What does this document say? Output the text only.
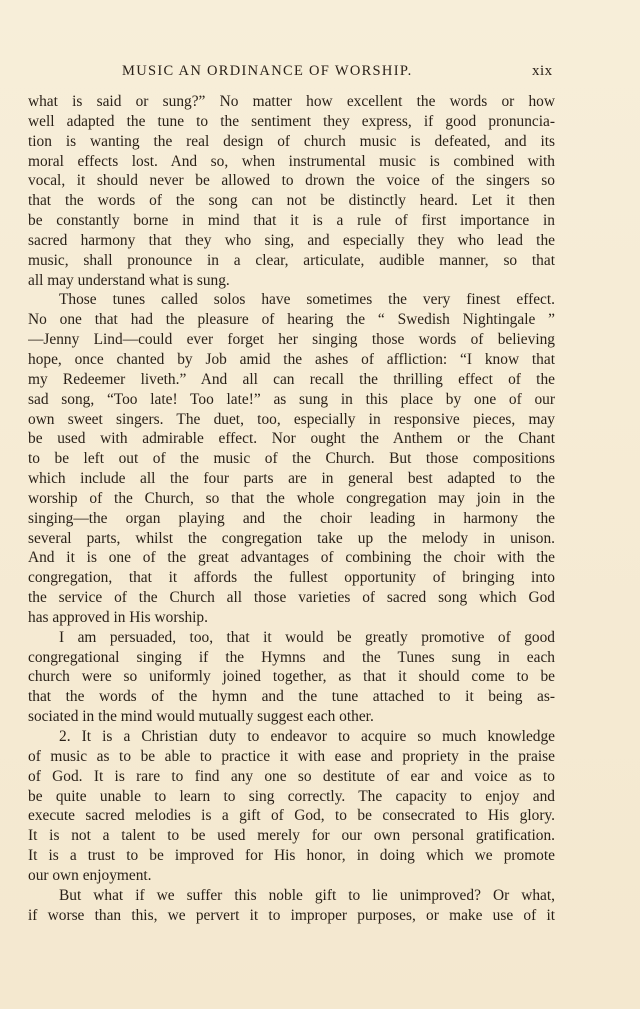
MUSIC AN ORDINANCE OF WORSHIP.	xix
what is said or sung?” No matter how excellent the words or how
well adapted the tune to the sentiment they express, if good pronuncia-
tion is wanting the real design of church music is defeated, and its
moral effects lost. And so, when instrumental music is combined with
vocal, it should never be allowed to drown the voice of the singers so
that the words of the song can not be distinctly heard. Let it then
be constantly borne in mind that it is a rule of first importance in
sacred harmony that they who sing, and especially they who lead the
music, shall pronounce in a clear, articulate, audible manner, so that
all may understand what is sung.
Those tunes called solos have sometimes the very finest effect.
No one that had the pleasure of hearing the “ Swedish Nightingale ”
—Jenny Lind—could ever forget her singing those words of believing
hope, once chanted by Job amid the ashes of affliction: “I know that
my Redeemer liveth.” And all can recall the thrilling effect of the
sad song, “Too late! Too late!” as sung in this place by one of our
own sweet singers. The duet, too, especially in responsive pieces, may
be used with admirable effect. Nor ought the Anthem or the Chant
to be left out of the music of the Church. But those compositions
which include all the four parts are in general best adapted to the
worship of the Church, so that the whole congregation may join in the
singing—the organ playing and the choir leading in harmony the
several parts, whilst the congregation take up the melody in unison.
And it is one of the great advantages of combining the choir with the
congregation, that it affords the fullest opportunity of bringing into
the service of the Church all those varieties of sacred song which God
has approved in His worship.
I am persuaded, too, that it would be greatly promotive of good
congregational singing if the Hymns and the Tunes sung in each
church were so uniformly joined together, as that it should come to be
that the words of the hymn and the tune attached to it being as-
sociated in the mind would mutually suggest each other.
2. It is a Christian duty to endeavor to acquire so much knowledge
of music as to be able to practice it with ease and propriety in the praise
of God. It is rare to find any one so destitute of ear and voice as to
be quite unable to learn to sing correctly. The capacity to enjoy and
execute sacred melodies is a gift of God, to be consecrated to His glory.
It is not a talent to be used merely for our own personal gratification.
It is a trust to be improved for His honor, in doing which we promote
our own enjoyment.
But what if we suffer this noble gift to lie unimproved? Or what,
if worse than this, we pervert it to improper purposes, or make use of it
